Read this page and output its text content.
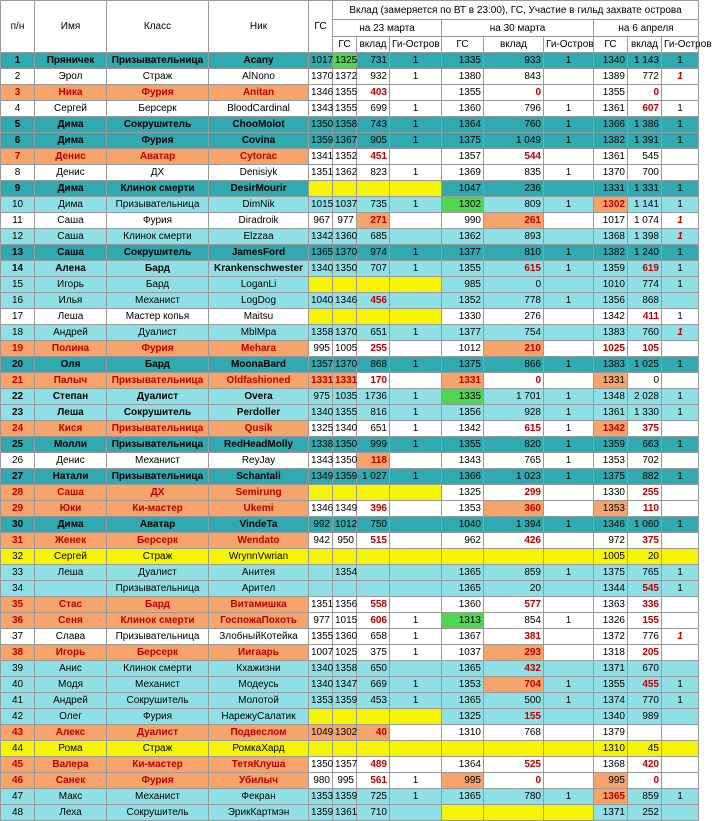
п/н	Имя	Класс	Ник	ГС	Вклад (замеряется по ВТ в 23:00), ГС, Участие в гильд захвате острова								
					на 23 марта			на 30 марта			на 6 апреля		
					ГС	вклад	Ги-Остров	ГС	вклад	Ги-Остров	ГС	вклад	Ги-Остров
1	Пряничек	Призывательница	Acany	1017	1325	731	1	1335	933	1	1340	1 143	1
2	Эрол	Страж	AlNono	1370	1372	932	1	1380	843		1389	772	1
3	Ника	Фурия	Anitan	1346	1355	403		1355	0		1355	0	
4	Сергей	Берсерк	BloodCardinal	1343	1355	699	1	1360	796	1	1361	607	1
5	Дима	Сокрушитель	ChooMolot	1350	1358	743	1	1364	760	1	1366	1 386	1
6	Дима	Фурия	Covina	1359	1367	905	1	1375	1 049	1	1382	1 391	1
7	Денис	Аватар	Cytorac	1341	1352	451		1357	544		1361	545	
8	Денис	ДХ	Denisiyk	1351	1362	823	1	1369	835	1	1370	700	
9	Дима	Клинок смерти	DesirMourir					1047	236		1331	1 331	1
10	Дима	Призывательница	DimNik	1015	1037	735	1	1302	809	1	1302	1 141	1
11	Саша	Фурия	Diradroik	967	977	271		990	261		1017	1 074	1
12	Саша	Клинок смерти	Elzzaa	1342	1360	685		1362	893		1368	1 398	1
13	Саша	Сокрушитель	JamesFord	1365	1370	974	1	1377	810	1	1382	1 240	1
14	Алена	Бард	Krankenschwester	1340	1350	707	1	1355	615	1	1359	619	1
15	Игорь	Бард	LoganLi					985	0		1010	774	1
16	Илья	Механист	LogDog	1040	1346	456		1352	778	1	1356	868	
17	Леша	Мастер копья	Maitsu					1330	276		1342	411	1
18	Андрей	Дуалист	MblMpa	1358	1370	651	1	1377	754		1383	760	1
19	Полина	Фурия	Mehara	995	1005	255		1012	210		1025	105	
20	Оля	Бард	MoonaBard	1357	1370	868	1	1375	866	1	1383	1 025	1
21	Палыч	Призывательница	Oldfashioned	1331	1331	170		1331	0		1331	0	
22	Степан	Дуалист	Overa	975	1035	1736	1	1335	1 701	1	1348	2 028	1
23	Леша	Сокрушитель	Perdoller	1340	1355	816	1	1356	928	1	1361	1 330	1
24	Кися	Призывательница	Qusik	1325	1340	651	1	1342	615	1	1342	375	
25	Молли	Призывательница	RedHeadMolly	1338	1350	999	1	1355	820	1	1359	663	1
26	Денис	Механист	ReyJay	1343	1350	118		1343	765	1	1353	702	
27	Натали	Призывательница	Schantali	1349	1359	1 027	1	1366	1 023	1	1375	882	1
28	Саша	ДХ	Semirung					1325	299		1330	255	
29	Юки	Ки-мастер	Ukemi	1346	1349	396		1353	360		1353	110	
30	Дима	Аватар	VindeTa	992	1012	750		1040	1 394	1	1346	1 060	1
31	Женек	Берсерк	Wendato	942	950	515		962	426		972	375	
32	Сергей	Страж	WrynnVwrian								1005	20	
33	Леша	Дуалист	Анитея		1354			1365	859	1	1375	765	1
34		Призывательница	Арител					1365	20		1344	545	1
35	Стас	Бард	Витамишка	1351	1356	558		1360	577		1363	336	
36	Сеня	Клинок смерти	ГоспожаПохоть	977	1015	606	1	1313	854	1	1326	155	
37	Слава	Призывательница	ЗлобныйКотейка	1355	1360	658	1	1367	381		1372	776	1
38	Игорь	Берсерк	Иигаарь	1007	1025	375	1	1037	293		1318	205	
39	Анис	Клинок смерти	Кхажизни	1340	1358	650		1365	432		1371	670	
40	Модя	Механист	Модеусь	1340	1347	669	1	1353	704	1	1355	455	1
41	Андрей	Сокрушитель	Молотой	1353	1359	453	1	1365	500	1	1374	770	1
42	Олег	Фурия	НарежуСалатик					1325	155		1340	989	
43	Алекс	Дуалист	Подвеслом	1049	1302	40		1310	768		1379		
44	Рома	Страж	РомкаХард								1310	45	
45	Валера	Ки-мастер	ТетяКлуша	1350	1357	489		1364	525		1368	420	
46	Санек	Фурия	Убилыч	980	995	561	1	995	0		995	0	
47	Макс	Механист	Фекран	1353	1359	725	1	1365	780	1	1365	859	1
48	Леха	Сокрушитель	ЭрикКартмэн	1359	1361	710					1371	252	
